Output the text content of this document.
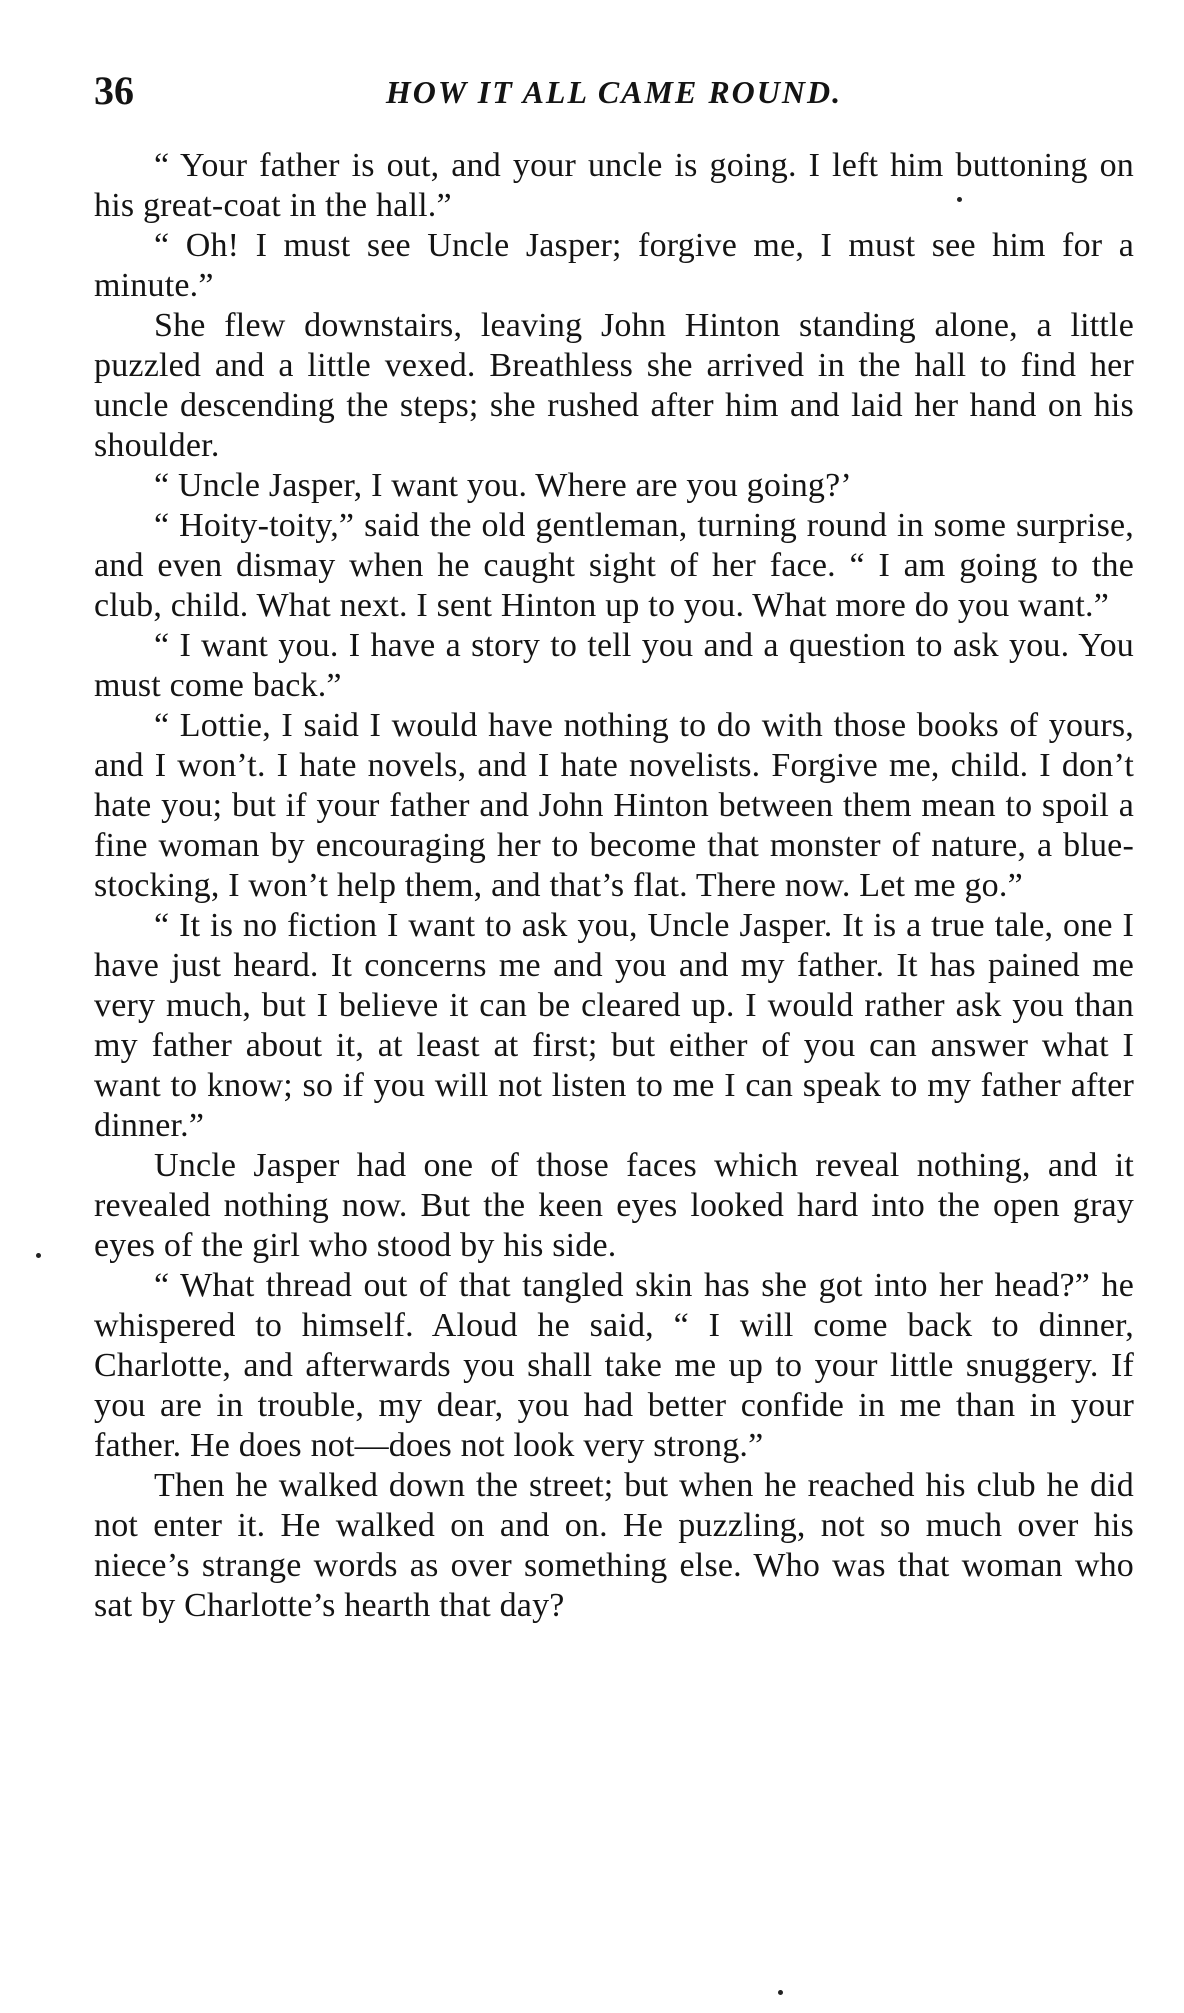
36	HOW IT ALL CAME ROUND.

“ Your father is out, and your uncle is going. I left him buttoning on his great-coat in the hall.”

“ Oh! I must see Uncle Jasper; forgive me, I must see him for a minute.”

She flew downstairs, leaving John Hinton standing alone, a little puzzled and a little vexed. Breathless she arrived in the hall to find her uncle descending the steps; she rushed after him and laid her hand on his shoulder.

“ Uncle Jasper, I want you. Where are you going?’

“ Hoity-toity,” said the old gentleman, turning round in some surprise, and even dismay when he caught sight of her face. “ I am going to the club, child. What next. I sent Hinton up to you. What more do you want.”

“ I want you. I have a story to tell you and a question to ask you. You must come back.”

“ Lottie, I said I would have nothing to do with those books of yours, and I won’t. I hate novels, and I hate novelists. Forgive me, child. I don’t hate you; but if your father and John Hinton between them mean to spoil a fine woman by encouraging her to become that monster of nature, a blue-stocking, I won’t help them, and that’s flat. There now. Let me go.”

“ It is no fiction I want to ask you, Uncle Jasper. It is a true tale, one I have just heard. It concerns me and you and my father. It has pained me very much, but I believe it can be cleared up. I would rather ask you than my father about it, at least at first; but either of you can answer what I want to know; so if you will not listen to me I can speak to my father after dinner.”

Uncle Jasper had one of those faces which reveal nothing, and it revealed nothing now. But the keen eyes looked hard into the open gray eyes of the girl who stood by his side.

“ What thread out of that tangled skin has she got into her head?” he whispered to himself. Aloud he said, “ I will come back to dinner, Charlotte, and afterwards you shall take me up to your little snuggery. If you are in trouble, my dear, you had better confide in me than in your father. He does not—does not look very strong.”

Then he walked down the street; but when he reached his club he did not enter it. He walked on and on. He puzzling, not so much over his niece’s strange words as over something else. Who was that woman who sat by Charlotte’s hearth that day?
